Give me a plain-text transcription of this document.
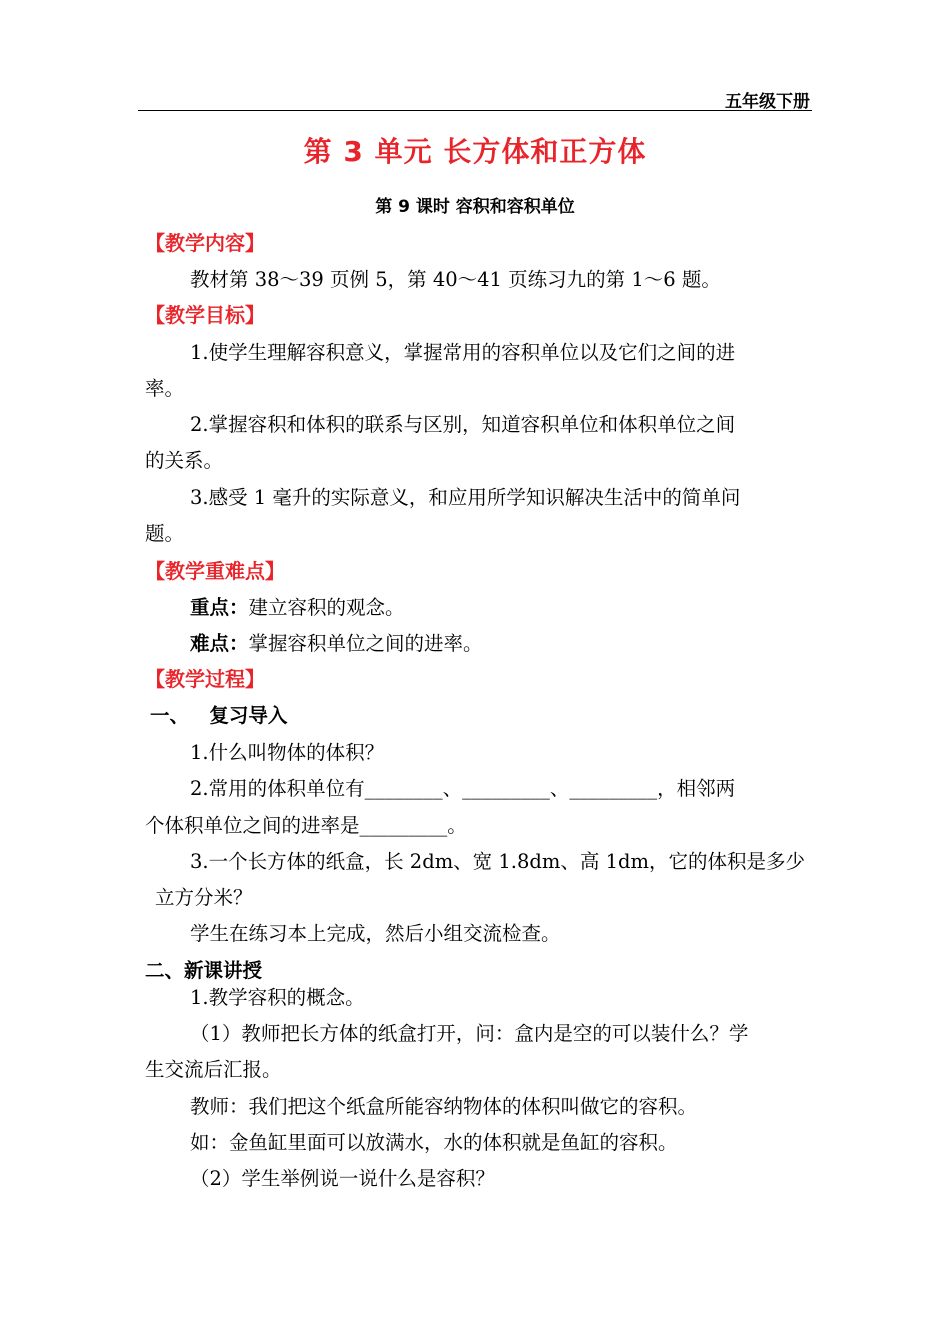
五年级下册
第 3 单元 长方体和正方体
第 9 课时 容积和容积单位
【教学内容】
教材第 38～39 页例 5，第 40～41 页练习九的第 1～6 题。
【教学目标】
1.使学生理解容积意义，掌握常用的容积单位以及它们之间的进
率。
2.掌握容积和体积的联系与区别，知道容积单位和体积单位之间
的关系。
3.感受 1 毫升的实际意义，和应用所学知识解决生活中的简单问
题。
【教学重难点】
重点：建立容积的观念。
难点：掌握容积单位之间的进率。
【教学过程】
一、   复习导入
1.什么叫物体的体积？
2.常用的体积单位有________、_________、_________，相邻两
个体积单位之间的进率是_________。
3.一个长方体的纸盒，长 2dm、宽 1.8dm、高 1dm，它的体积是多少
立方分米？
学生在练习本上完成，然后小组交流检查。
二、新课讲授
1.教学容积的概念。
（1）教师把长方体的纸盒打开，问：盒内是空的可以装什么？学
生交流后汇报。
教师：我们把这个纸盒所能容纳物体的体积叫做它的容积。
如：金鱼缸里面可以放满水，水的体积就是鱼缸的容积。
（2）学生举例说一说什么是容积？
